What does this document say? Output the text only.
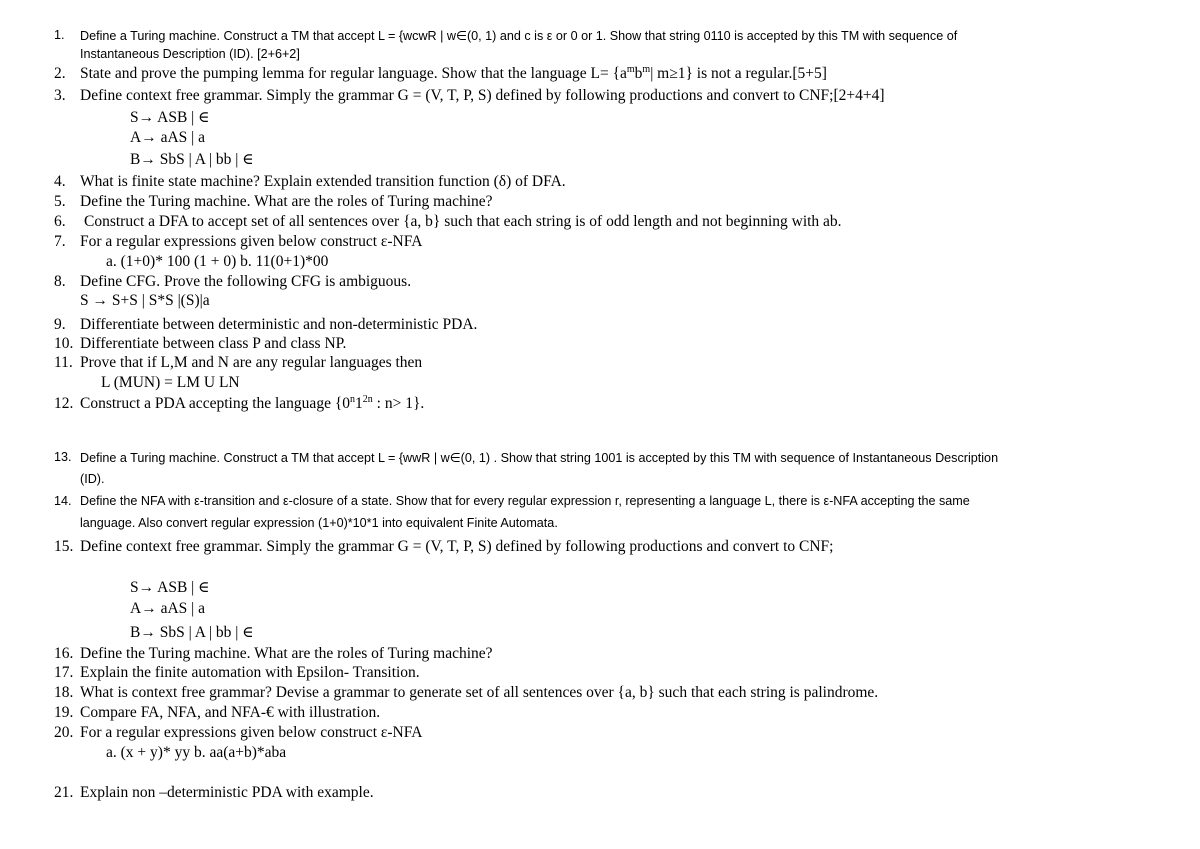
1. Define a Turing machine. Construct a TM that accept L = {wcwR | w∈(0, 1) and c is ε or 0 or 1. Show that string 0110 is accepted by this TM with sequence of
Instantaneous Description (ID). [2+6+2]
2. State and prove the pumping lemma for regular language. Show that the language $L= \{a^mb^m|$ m≥1} is not a regular.[5+5]
3. Define context free grammar. Simply the grammar G = (V, T, P, S) defined by following productions and convert to CNF;[2+4+4]
S→ ASB | ∈
A→ aAS | a
B→ SbS | A | bb | ∈
4. What is finite state machine? Explain extended transition function (δ) of DFA.
5. Define the Turing machine. What are the roles of Turing machine?
6. Construct a DFA to accept set of all sentences over {a, b} such that each string is of odd length and not beginning with ab.
7. For a regular expressions given below construct ε-NFA
a. (1+0)* 100 (1 + 0) b. 11(0+1)*00
8. Define CFG. Prove the following CFG is ambiguous.
S → S+S | S*S |(S)|a
9. Differentiate between deterministic and non-deterministic PDA.
10. Differentiate between class P and class NP.
11. Prove that if L,M and N are any regular languages then
L (MUN) = LM U LN
12. Construct a PDA accepting the language {$0^n1^{2n}$ : n> 1}.
13. Define a Turing machine. Construct a TM that accept L = {wwR | w∈(0, 1) . Show that string 1001 is accepted by this TM with sequence of Instantaneous Description
(ID).
14. Define the NFA with ε-transition and ε-closure of a state. Show that for every regular expression r, representing a language L, there is ε-NFA accepting the same
language. Also convert regular expression (1+0)*10*1 into equivalent Finite Automata.
15. Define context free grammar. Simply the grammar G = (V, T, P, S) defined by following productions and convert to CNF;
S→ ASB | ∈
A→ aAS | a
B→ SbS | A | bb | ∈
16. Define the Turing machine. What are the roles of Turing machine?
17. Explain the finite automation with Epsilon- Transition.
18. What is context free grammar? Devise a grammar to generate set of all sentences over {a, b} such that each string is palindrome.
19. Compare FA, NFA, and NFA-€ with illustration.
20. For a regular expressions given below construct ε-NFA
a. (x + y)* yy b. aa(a+b)*aba
21. Explain non –deterministic PDA with example.
